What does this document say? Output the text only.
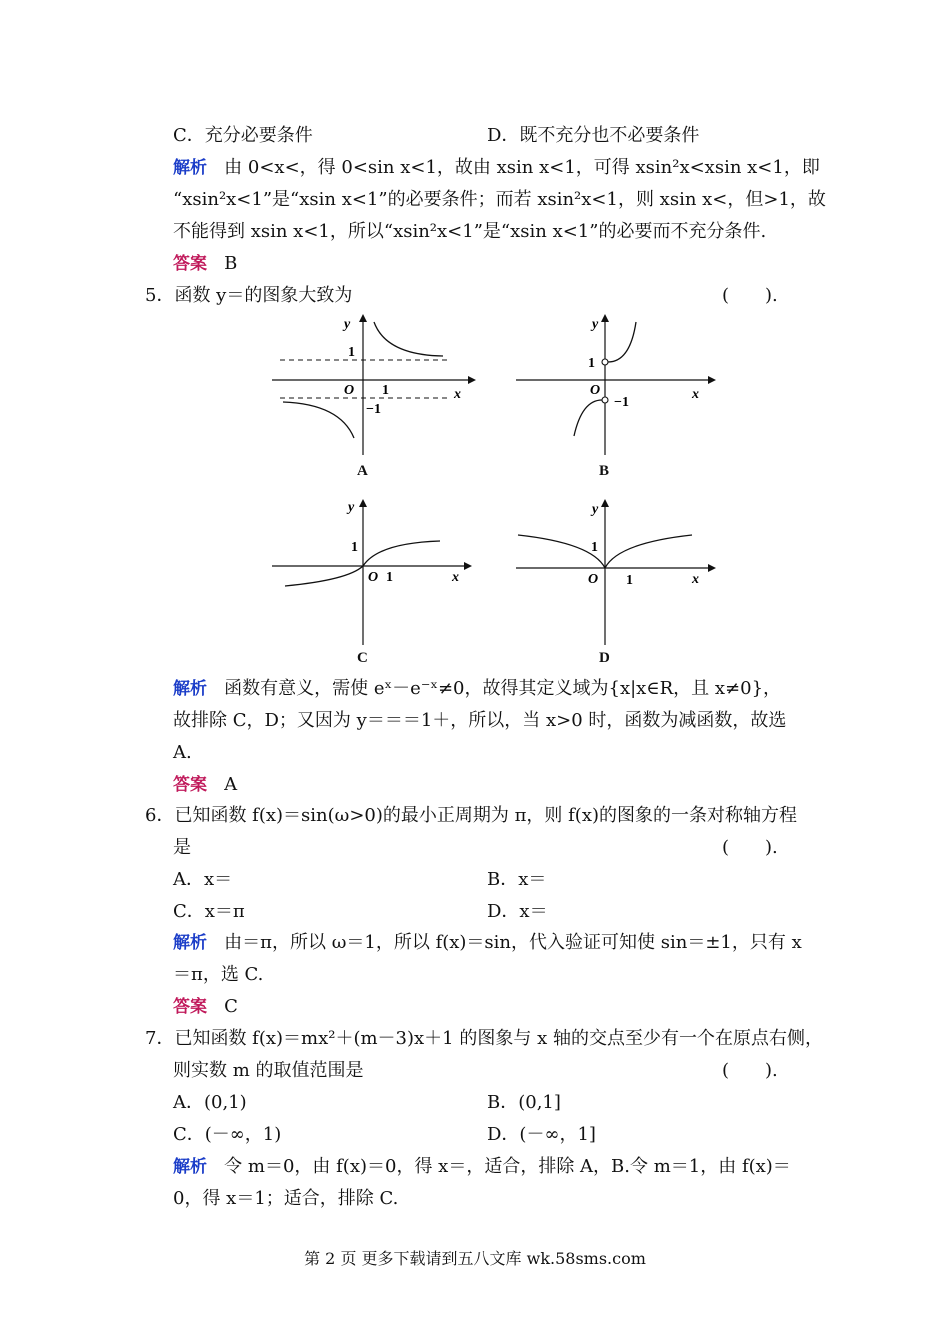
C．充分必要条件	D．既不充分也不必要条件
解析 由 0<x<，得 0<sin x<1，故由 xsin x<1，可得 xsin²x<xsin x<1，即
“xsin²x<1”是“xsin x<1”的必要条件；而若 xsin²x<1，则 xsin x<，但>1，故
不能得到 xsin x<1，所以“xsin²x<1”是“xsin x<1”的必要而不充分条件.
答案 B
5．函数 y＝的图象大致为	(　　).
y
x
O
1
1
−1
A
y
x
O
1
−1
B
y
x
O
1
1
C
y
x
O
1
1
D
解析 函数有意义，需使 eˣ－e⁻ˣ≠0，故得其定义域为{x|x∈R，且 x≠0}，
故排除 C，D；又因为 y＝＝＝1＋，所以，当 x>0 时，函数为减函数，故选
A.
答案 A
6．已知函数 f(x)＝sin(ω>0)的最小正周期为 π，则 f(x)的图象的一条对称轴方程
是	(　　).
A．x＝	B．x＝
C．x＝π	D．x＝
解析 由＝π，所以 ω＝1，所以 f(x)＝sin，代入验证可知使 sin＝±1，只有 x
＝π，选 C.
答案 C
7．已知函数 f(x)＝mx²＋(m－3)x＋1 的图象与 x 轴的交点至少有一个在原点右侧，
则实数 m 的取值范围是	(　　).
A．(0,1)	B．(0,1]
C．(－∞，1)	D．(－∞，1]
解析 令 m＝0，由 f(x)＝0，得 x＝，适合，排除 A，B.令 m＝1，由 f(x)＝
0，得 x＝1；适合，排除 C.
第 2 页 更多下载请到五八文库 wk.58sms.com
